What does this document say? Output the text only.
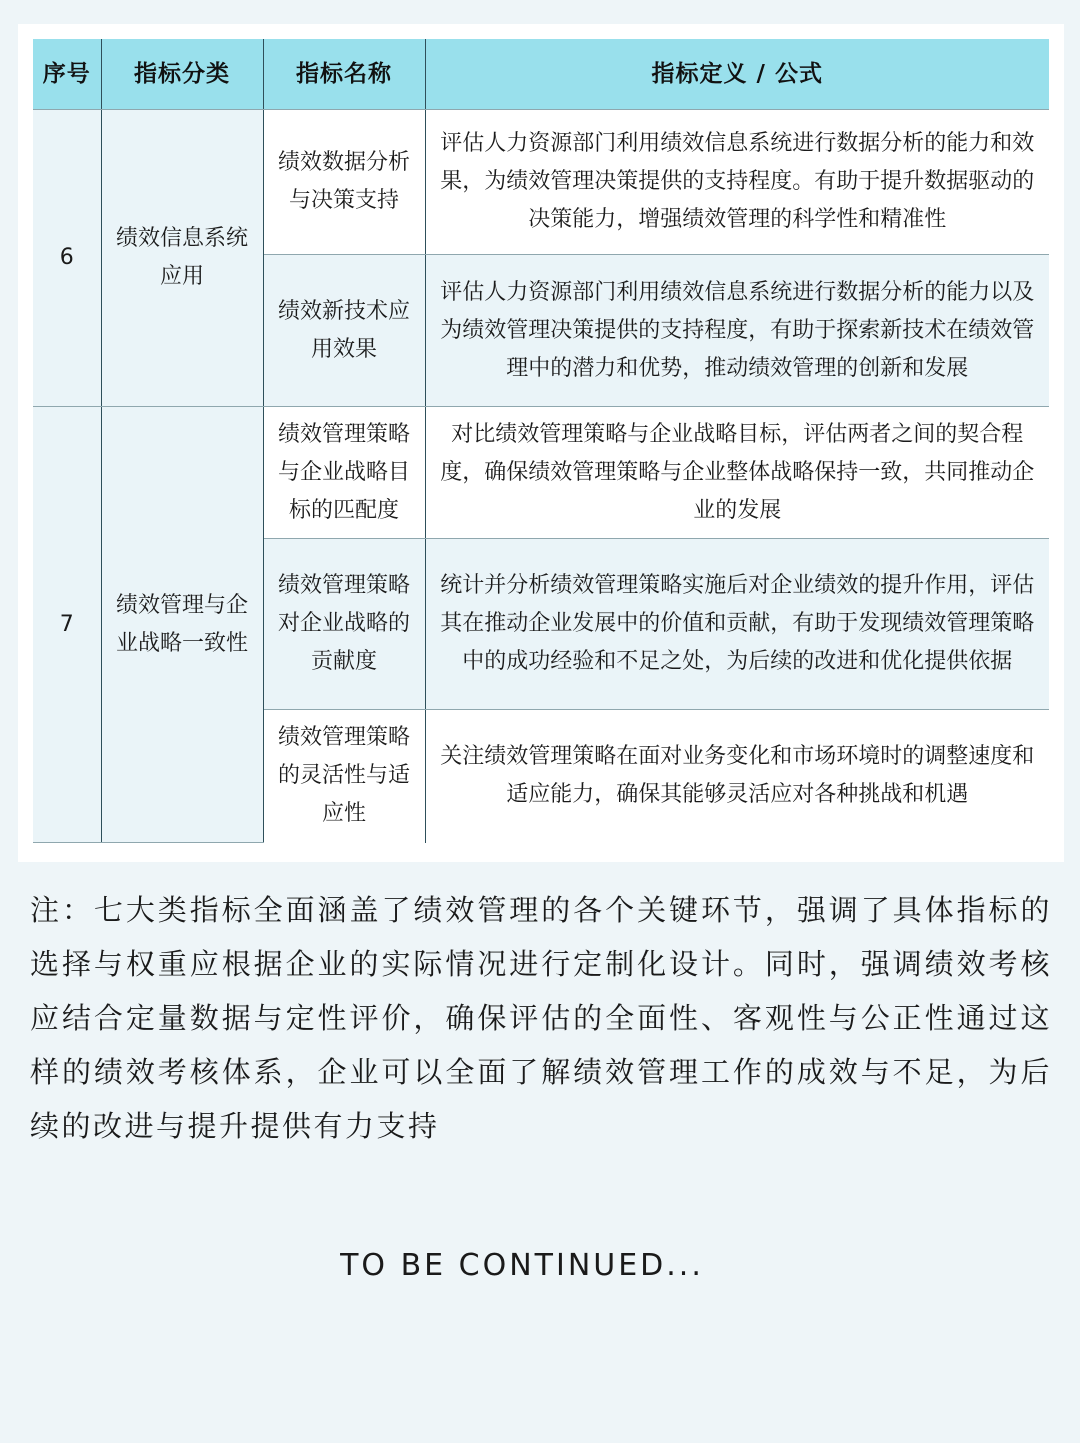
序号	指标分类	指标名称	指标定义 / 公式
6	绩效信息系统应用	绩效数据分析与决策支持	评估人力资源部门利用绩效信息系统进行数据分析的能力和效果，为绩效管理决策提供的支持程度。有助于提升数据驱动的决策能力，增强绩效管理的科学性和精准性
		绩效新技术应用效果	评估人力资源部门利用绩效信息系统进行数据分析的能力以及为绩效管理决策提供的支持程度，有助于探索新技术在绩效管理中的潜力和优势，推动绩效管理的创新和发展
7	绩效管理与企业战略一致性	绩效管理策略与企业战略目标的匹配度	对比绩效管理策略与企业战略目标，评估两者之间的契合程度，确保绩效管理策略与企业整体战略保持一致，共同推动企业的发展
		绩效管理策略对企业战略的贡献度	统计并分析绩效管理策略实施后对企业绩效的提升作用，评估其在推动企业发展中的价值和贡献，有助于发现绩效管理策略中的成功经验和不足之处，为后续的改进和优化提供依据
		绩效管理策略的灵活性与适应性	关注绩效管理策略在面对业务变化和市场环境时的调整速度和适应能力，确保其能够灵活应对各种挑战和机遇

注：七大类指标全面涵盖了绩效管理的各个关键环节，强调了具体指标的选择与权重应根据企业的实际情况进行定制化设计。同时，强调绩效考核应结合定量数据与定性评价，确保评估的全面性、客观性与公正性通过这样的绩效考核体系，企业可以全面了解绩效管理工作的成效与不足，为后续的改进与提升提供有力支持

TO BE CONTINUED...
